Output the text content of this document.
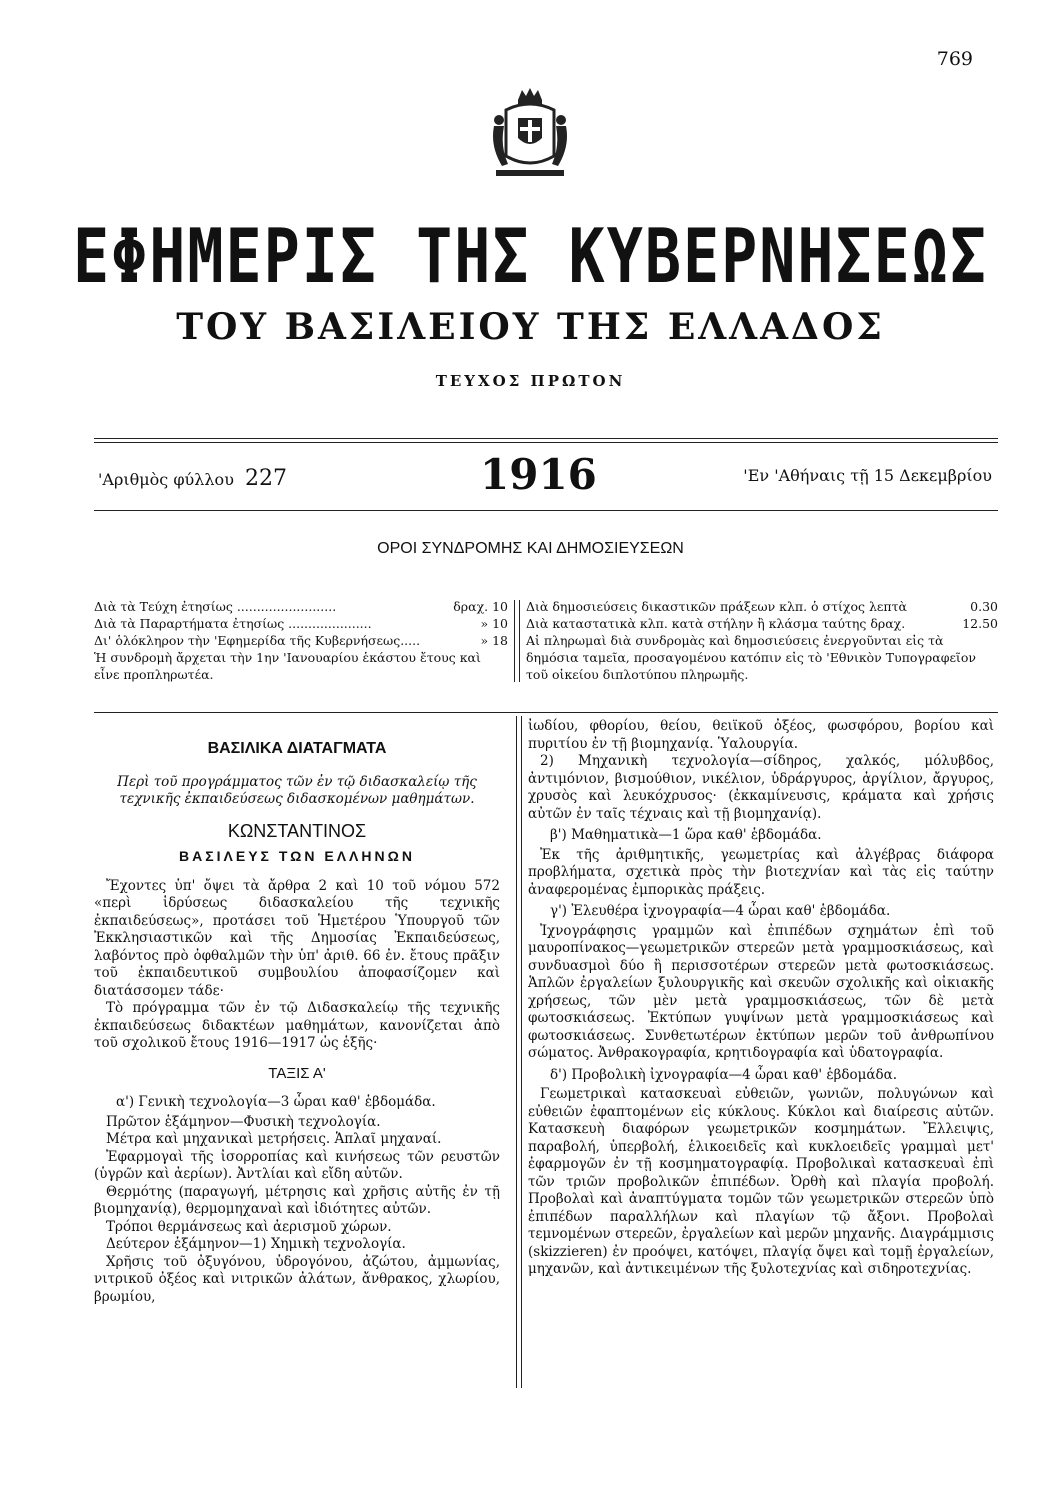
769
ΕΦΗΜΕΡΙΣ ΤΗΣ ΚΥΒΕΡΝΗΣΕΩΣ
ΤΟΥ ΒΑΣΙΛΕΙΟΥ ΤΗΣ ΕΛΛΑΔΟΣ
ΤΕΥΧΟΣ ΠΡΩΤΟΝ
'Αριθμὸς φύλλου 227	1916	'Εν 'Αθήναις τῇ 15 Δεκεμβρίου
ΟΡΟΙ ΣΥΝΔΡΟΜΗΣ ΚΑΙ ΔΗΜΟΣΙΕΥΣΕΩΝ
Διὰ τὰ Τεύχη ἐτησίως .........................	δραχ. 10
Διὰ τὰ Παραρτήματα ἐτησίως .....................	» 10
Δι' ὁλόκληρον τὴν 'Εφημερίδα τῆς Κυβερνήσεως.....	» 18
Ἡ συνδρομὴ ἄρχεται τὴν 1ην 'Ιανουαρίου ἑκάστου ἔτους καὶ εἶνε προπληρωτέα.
Διὰ δημοσιεύσεις δικαστικῶν πράξεων κλπ. ὁ στίχος λεπτὰ	0.30
Διὰ καταστατικὰ κλπ. κατὰ στήλην ἢ κλάσμα ταύτης δραχ.	12.50
Αἱ πληρωμαὶ διὰ συνδρομὰς καὶ δημοσιεύσεις ἐνεργοῦνται εἰς τὰ δημόσια ταμεῖα, προσαγομένου κατόπιν εἰς τὸ 'Εθνικὸν Τυπογραφεῖον τοῦ οἰκείου διπλοτύπου πληρωμῆς.
ΒΑΣΙΛΙΚΑ ΔΙΑΤΑΓΜΑΤΑ
Περὶ τοῦ προγράμματος τῶν ἐν τῷ διδασκαλείῳ τῆς τεχνικῆς ἐκπαιδεύσεως διδασκομένων μαθημάτων.
ΚΩΝΣΤΑΝΤΙΝΟΣ
ΒΑΣΙΛΕΥΣ ΤΩΝ ΕΛΛΗΝΩΝ

Ἔχοντες ὑπ' ὄψει τὰ ἄρθρα 2 καὶ 10 τοῦ νόμου 572 «περὶ ἱδρύσεως διδασκαλείου τῆς τεχνικῆς ἐκπαιδεύσεως», προτάσει τοῦ Ἡμετέρου Ὑπουργοῦ τῶν Ἐκκλησιαστικῶν καὶ τῆς Δημοσίας Ἐκπαιδεύσεως, λαβόντος πρὸ ὀφθαλμῶν τὴν ὑπ' ἀριθ. 66 ἐν. ἔτους πρᾶξιν τοῦ ἐκπαιδευτικοῦ συμβουλίου ἀποφασίζομεν καὶ διατάσσομεν τάδε·

Τὸ πρόγραμμα τῶν ἐν τῷ Διδασκαλείῳ τῆς τεχνικῆς ἐκπαιδεύσεως διδακτέων μαθημάτων, κανονίζεται ἀπὸ τοῦ σχολικοῦ ἔτους 1916—1917 ὡς ἑξῆς·

ΤΑΞΙΣ Α'
α') Γενικὴ τεχνολογία—3 ὧραι καθ' ἑβδομάδα.

Πρῶτον ἑξάμηνον—Φυσικὴ τεχνολογία.

Μέτρα καὶ μηχανικαὶ μετρήσεις. Ἁπλαῖ μηχαναί.

Ἐφαρμογαὶ τῆς ἰσορροπίας καὶ κινήσεως τῶν ρευστῶν (ὑγρῶν καὶ ἀερίων). Ἀντλίαι καὶ εἴδη αὐτῶν.

Θερμότης (παραγωγή, μέτρησις καὶ χρῆσις αὐτῆς ἐν τῇ βιομηχανίᾳ), θερμομηχαναὶ καὶ ἰδιότητες αὐτῶν.

Τρόποι θερμάνσεως καὶ ἀερισμοῦ χώρων.

Δεύτερον ἑξάμηνον—1) Χημικὴ τεχνολογία.

Χρῆσις τοῦ ὀξυγόνου, ὑδρογόνου, ἀζώτου, ἀμμωνίας, νιτρικοῦ ὀξέος καὶ νιτρικῶν ἀλάτων, ἄνθρακος, χλωρίου, βρωμίου,

ἰωδίου, φθορίου, θείου, θειϊκοῦ ὀξέος, φωσφόρου, βορίου καὶ πυριτίου ἐν τῇ βιομηχανίᾳ. Ὑαλουργία.

2) Μηχανικὴ τεχνολογία—σίδηρος, χαλκός, μόλυβδος, ἀντιμόνιον, βισμούθιον, νικέλιον, ὑδράργυρος, ἀργίλιον, ἄργυρος, χρυσὸς καὶ λευκόχρυσος· (ἐκκαμίνευσις, κράματα καὶ χρήσις αὐτῶν ἐν ταῖς τέχναις καὶ τῇ βιομηχανίᾳ).

β') Μαθηματικὰ—1 ὥρα καθ' ἑβδομάδα.

Ἐκ τῆς ἀριθμητικῆς, γεωμετρίας καὶ ἀλγέβρας διάφορα προβλήματα, σχετικὰ πρὸς τὴν βιοτεχνίαν καὶ τὰς εἰς ταύτην ἀναφερομένας ἐμπορικὰς πράξεις.

γ') Ἐλευθέρα ἰχνογραφία—4 ὧραι καθ' ἑβδομάδα.

Ἰχνογράφησις γραμμῶν καὶ ἐπιπέδων σχημάτων ἐπὶ τοῦ μαυροπίνακος—γεωμετρικῶν στερεῶν μετὰ γραμμοσκιάσεως, καὶ συνδυασμοὶ δύο ἢ περισσοτέρων στερεῶν μετὰ φωτοσκιάσεως. Ἁπλῶν ἐργαλείων ξυλουργικῆς καὶ σκευῶν σχολικῆς καὶ οἰκιακῆς χρήσεως, τῶν μὲν μετὰ γραμμοσκιάσεως, τῶν δὲ μετὰ φωτοσκιάσεως. Ἐκτύπων γυψίνων μετὰ γραμμοσκιάσεως καὶ φωτοσκιάσεως. Συνθετωτέρων ἐκτύπων μερῶν τοῦ ἀνθρωπίνου σώματος. Ἀνθρακογραφία, κρητιδογραφία καὶ ὑδατογραφία.

δ') Προβολικὴ ἰχνογραφία—4 ὧραι καθ' ἑβδομάδα.

Γεωμετρικαὶ κατασκευαὶ εὐθειῶν, γωνιῶν, πολυγώνων καὶ εὐθειῶν ἐφαπτομένων εἰς κύκλους. Κύκλοι καὶ διαίρεσις αὐτῶν. Κατασκευὴ διαφόρων γεωμετρικῶν κοσμημάτων. Ἔλλειψις, παραβολή, ὑπερβολή, ἑλικοειδεῖς καὶ κυκλοειδεῖς γραμμαὶ μετ' ἐφαρμογῶν ἐν τῇ κοσμηματογραφίᾳ. Προβολικαὶ κατασκευαὶ ἐπὶ τῶν τριῶν προβολικῶν ἐπιπέδων. Ὀρθὴ καὶ πλαγία προβολή. Προβολαὶ καὶ ἀναπτύγματα τομῶν τῶν γεωμετρικῶν στερεῶν ὑπὸ ἐπιπέδων παραλλήλων καὶ πλαγίων τῷ ἄξονι. Προβολαὶ τεμνομένων στερεῶν, ἐργαλείων καὶ μερῶν μηχανῆς. Διαγράμμισις (skizzieren) ἐν προόψει, κατόψει, πλαγίᾳ ὄψει καὶ τομῇ ἐργαλείων, μηχανῶν, καὶ ἀντικειμένων τῆς ξυλοτεχνίας καὶ σιδηροτεχνίας.
